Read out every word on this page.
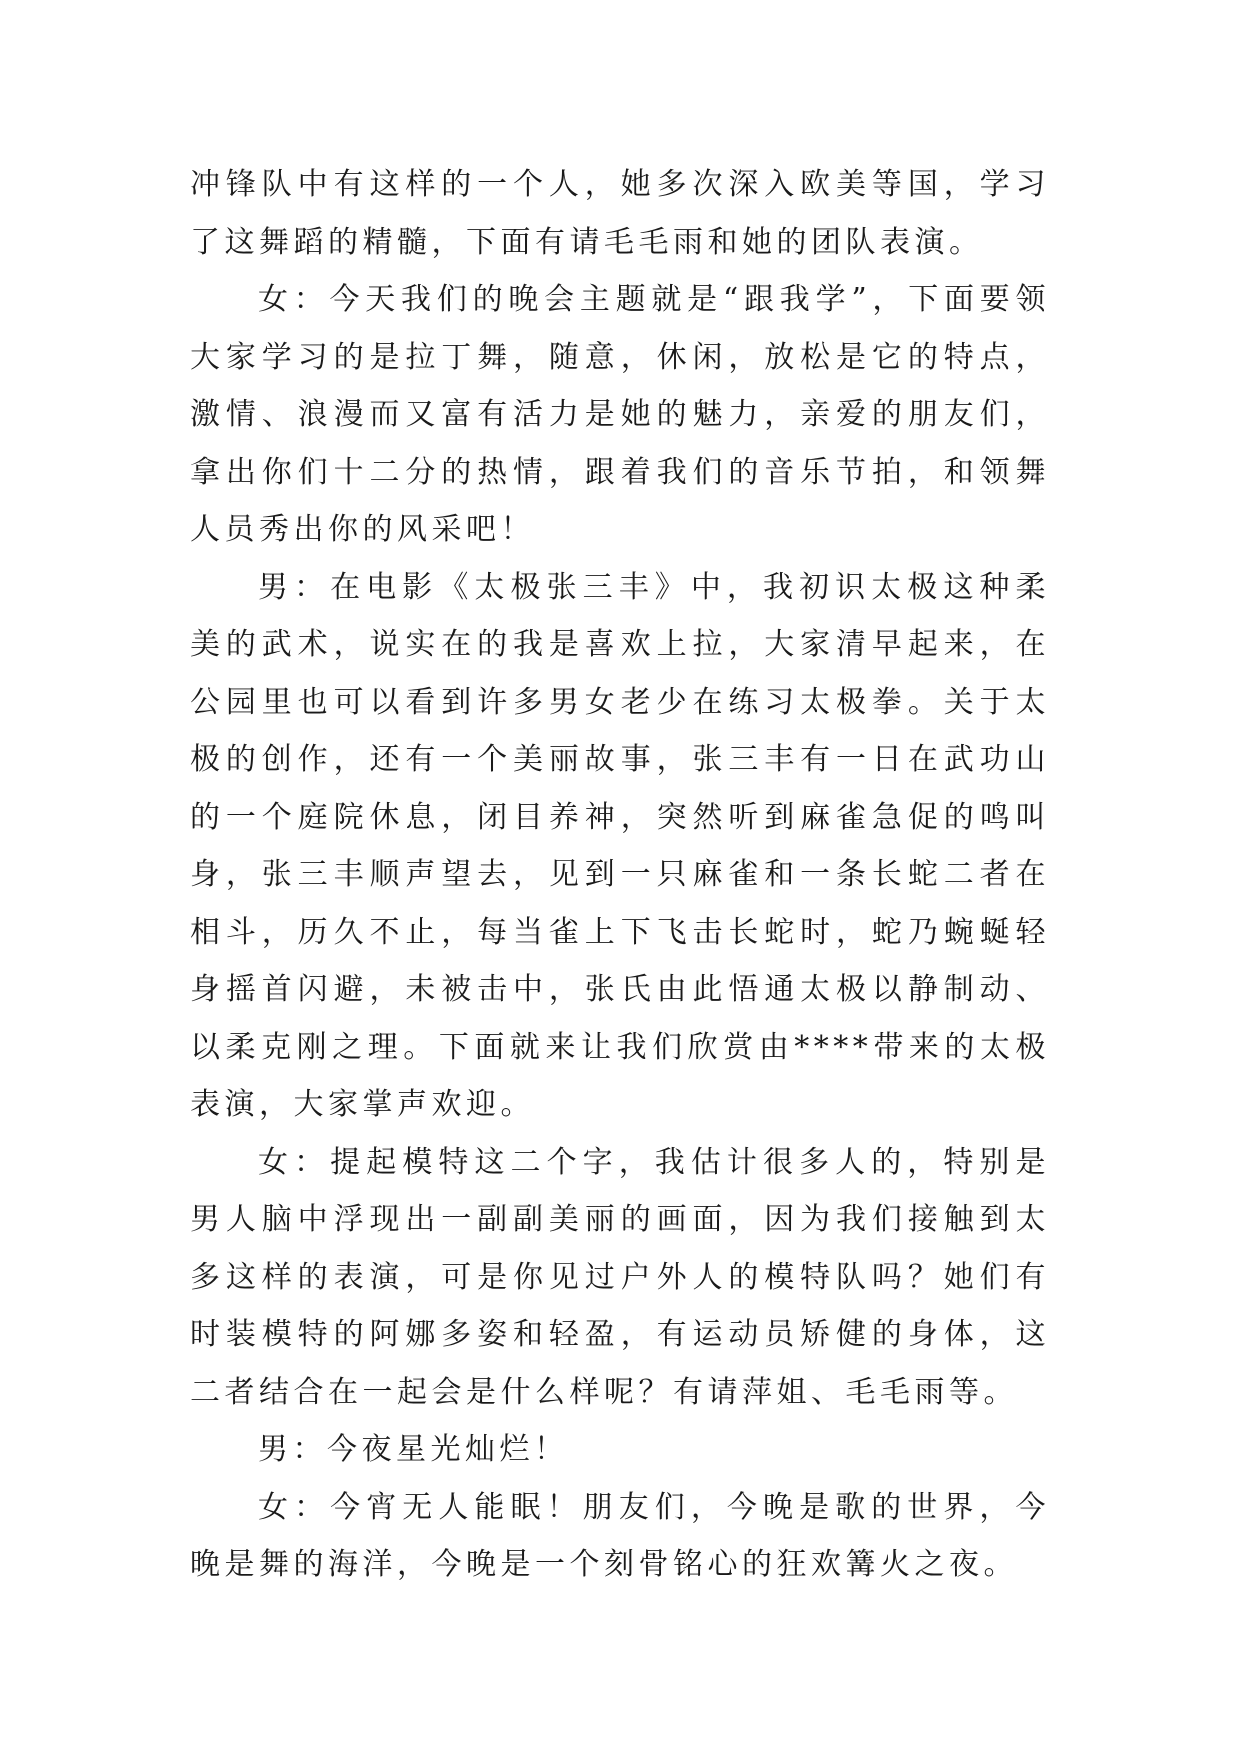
冲锋队中有这样的一个人，她多次深入欧美等国，学习了这舞蹈的精髓，下面有请毛毛雨和她的团队表演。

女：今天我们的晚会主题就是“跟我学”，下面要领大家学习的是拉丁舞，随意，休闲，放松是它的特点，激情、浪漫而又富有活力是她的魅力，亲爱的朋友们，拿出你们十二分的热情，跟着我们的音乐节拍，和领舞人员秀出你的风采吧！

男：在电影《太极张三丰》中，我初识太极这种柔美的武术，说实在的我是喜欢上拉，大家清早起来，在公园里也可以看到许多男女老少在练习太极拳。关于太极的创作，还有一个美丽故事，张三丰有一日在武功山的一个庭院休息，闭目养神，突然听到麻雀急促的鸣叫身，张三丰顺声望去，见到一只麻雀和一条长蛇二者在相斗，历久不止，每当雀上下飞击长蛇时，蛇乃蜿蜒轻身摇首闪避，未被击中，张氏由此悟通太极以静制动、以柔克刚之理。下面就来让我们欣赏由****带来的太极表演，大家掌声欢迎。

女：提起模特这二个字，我估计很多人的，特别是男人脑中浮现出一副副美丽的画面，因为我们接触到太多这样的表演，可是你见过户外人的模特队吗？她们有时装模特的阿娜多姿和轻盈，有运动员矫健的身体，这二者结合在一起会是什么样呢？有请萍姐、毛毛雨等。

男：今夜星光灿烂！

女：今宵无人能眠！朋友们，今晚是歌的世界，今晚是舞的海洋，今晚是一个刻骨铭心的狂欢篝火之夜。
